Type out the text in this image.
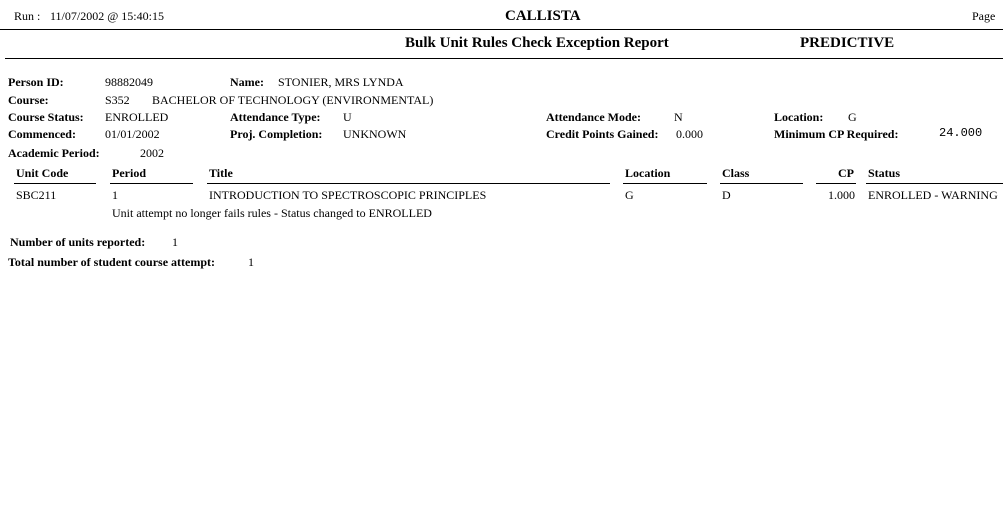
Run : 11/07/2002 @ 15:40:15	CALLISTA	Page
Bulk Unit Rules Check Exception Report	PREDICTIVE
Person ID:	98882049	Name: STONIER, MRS LYNDA
Course:	S352 BACHELOR OF TECHNOLOGY (ENVIRONMENTAL)
Course Status: ENROLLED	Attendance Type: U	Attendance Mode:	N	Location: G
Commenced: 01/01/2002	Proj. Completion: UNKNOWN	Credit Points Gained: 0.000	Minimum CP Required:	24.000
Academic Period:	2002
Unit Code	Period	Title	Location	Class	CP Status
SBC211	1	INTRODUCTION TO SPECTROSCOPIC PRINCIPLES	G	D	1.000 ENROLLED - WARNING
Unit attempt no longer fails rules - Status changed to ENROLLED
Number of units reported: 1
Total number of student course attempt:	1
